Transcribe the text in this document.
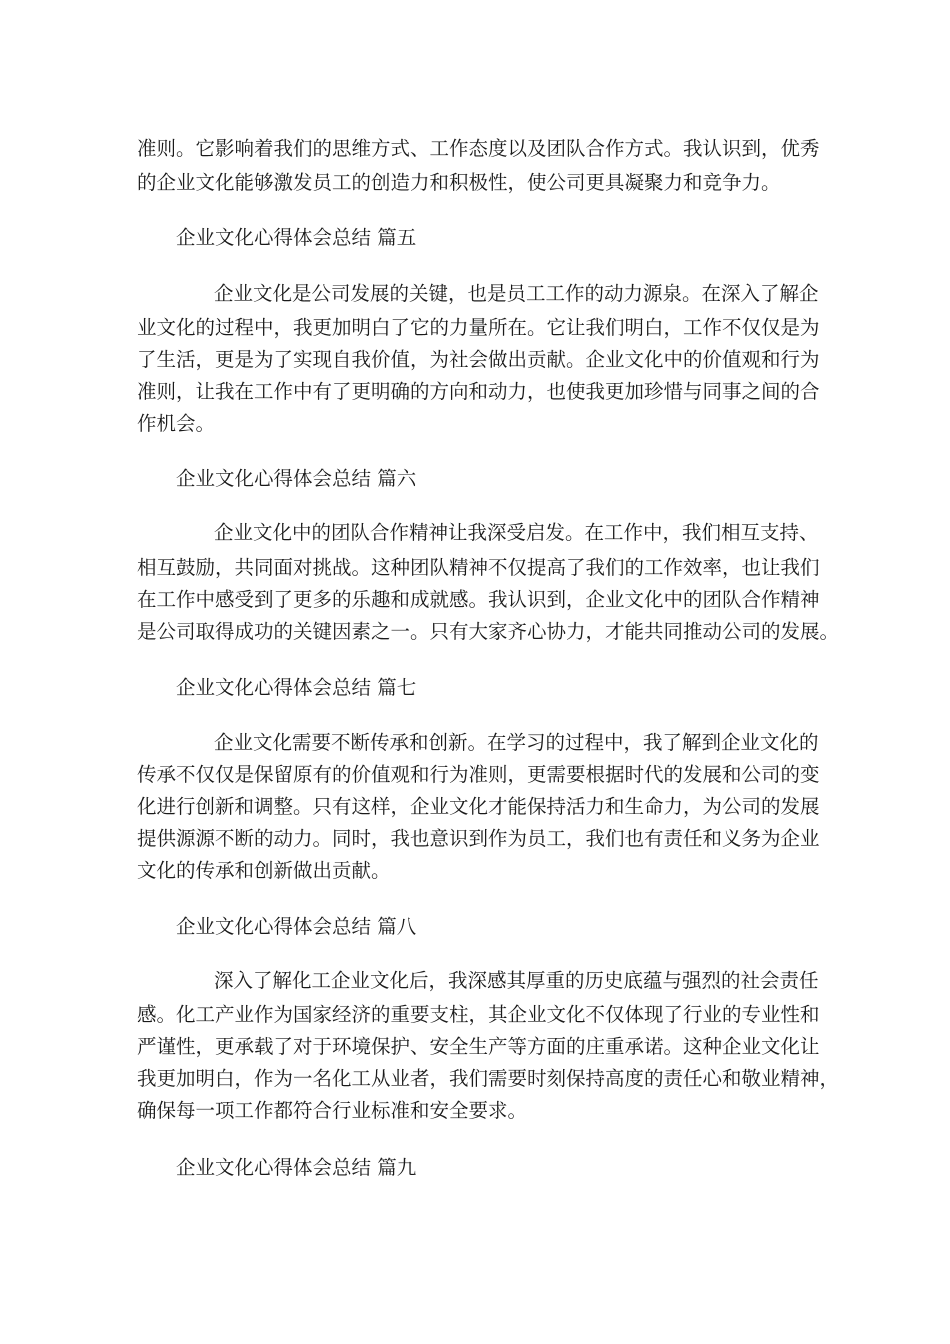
准则。它影响着我们的思维方式、工作态度以及团队合作方式。我认识到，优秀
的企业文化能够激发员工的创造力和积极性，使公司更具凝聚力和竞争力。
企业文化心得体会总结 篇五
企业文化是公司发展的关键，也是员工工作的动力源泉。在深入了解企
业文化的过程中，我更加明白了它的力量所在。它让我们明白，工作不仅仅是为
了生活，更是为了实现自我价值，为社会做出贡献。企业文化中的价值观和行为
准则，让我在工作中有了更明确的方向和动力，也使我更加珍惜与同事之间的合
作机会。
企业文化心得体会总结 篇六
企业文化中的团队合作精神让我深受启发。在工作中，我们相互支持、
相互鼓励，共同面对挑战。这种团队精神不仅提高了我们的工作效率，也让我们
在工作中感受到了更多的乐趣和成就感。我认识到，企业文化中的团队合作精神
是公司取得成功的关键因素之一。只有大家齐心协力，才能共同推动公司的发展。
企业文化心得体会总结 篇七
企业文化需要不断传承和创新。在学习的过程中，我了解到企业文化的
传承不仅仅是保留原有的价值观和行为准则，更需要根据时代的发展和公司的变
化进行创新和调整。只有这样，企业文化才能保持活力和生命力，为公司的发展
提供源源不断的动力。同时，我也意识到作为员工，我们也有责任和义务为企业
文化的传承和创新做出贡献。
企业文化心得体会总结 篇八
深入了解化工企业文化后，我深感其厚重的历史底蕴与强烈的社会责任
感。化工产业作为国家经济的重要支柱，其企业文化不仅体现了行业的专业性和
严谨性，更承载了对于环境保护、安全生产等方面的庄重承诺。这种企业文化让
我更加明白，作为一名化工从业者，我们需要时刻保持高度的责任心和敬业精神，
确保每一项工作都符合行业标准和安全要求。
企业文化心得体会总结 篇九
